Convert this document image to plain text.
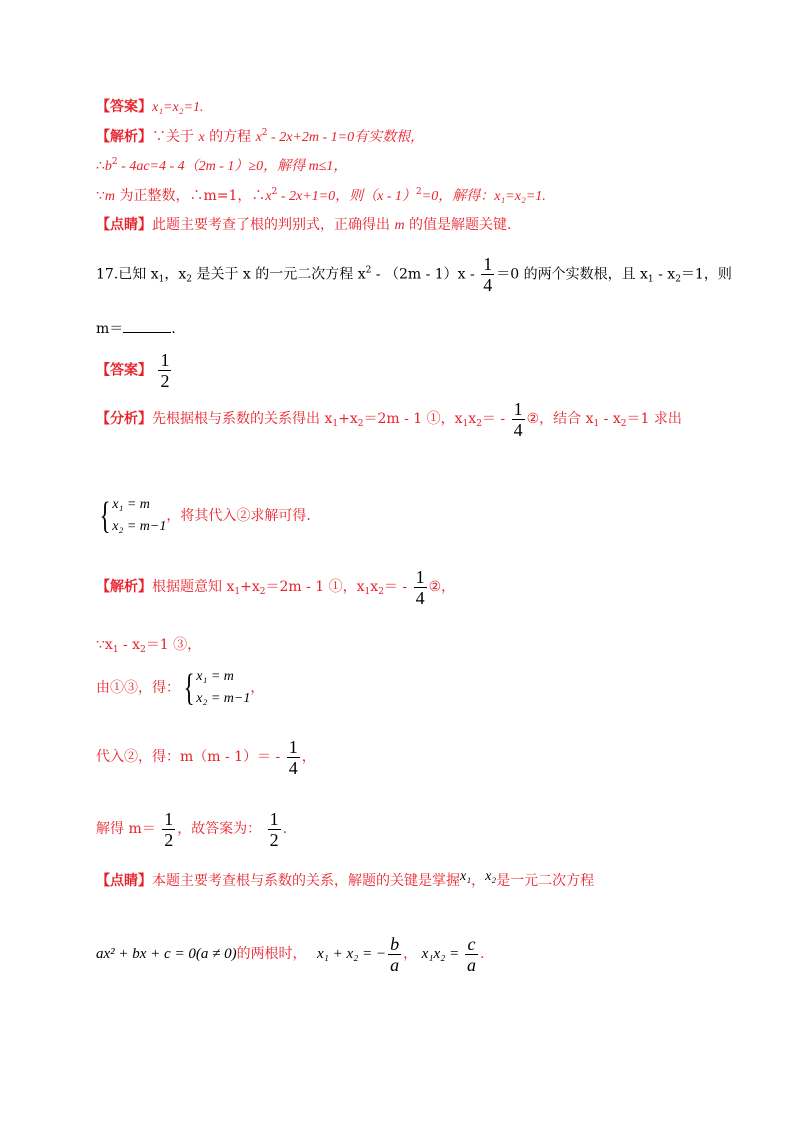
【答案】x₁=x₂=1.
【解析】∵关于 x 的方程 $x^2 - 2x+2m - 1=0$有实数根，
$\therefore b^2 - 4ac=4 - 4(2m - 1)\ge 0$，解得 m≤1，
∵m 为正整数，∴m=1，$\therefore x^2 - 2x+1=0$，则（x - 1）$^2$=0，解得：x₁=x₂=1.
【点睛】此题主要考查了根的判别式，正确得出 m 的值是解题关键.
17.已知 $x_1$，$x_2$ 是关于 x 的一元二次方程 $x^2 - (2m - 1)x - \frac{1}{4} =0$ 的两个实数根，且 $x_1 - x_2=1$，则
m＝	.
【答案】 $\frac{1}{2}$
【分析】先根据根与系数的关系得出 $x_1+x_2=2m - 1$ ①，$x_1x_2= - \frac{1}{4}$ ②，结合 $x_1 - x_2=1$ 求出
{ x₁ = m
x₂ = m−1
，将其代入②求解可得.
【解析】根据题意知 $x_1+x_2=2m - 1$ ①，$x_1x_2= - \frac{1}{4}$ ②，
$\because x_1 - x_2=1$ ③，
由①③，得： { x₁ = m
x₂ = m−1
，
代入②，得：$m(m - 1)= - \frac{1}{4}$ ，
解得 $m= \frac{1}{2}$ ，故答案为： $\frac{1}{2}$ .
【点睛】本题主要考查根与系数的关系，解题的关键是掌握x₁，x₂是一元二次方程
ax² + bx + c = 0(a ≠ 0)的两根时， x₁ + x₂ = − $\frac{b}{a}$ ， $x_1x_2 = \frac{c}{a}$ .
